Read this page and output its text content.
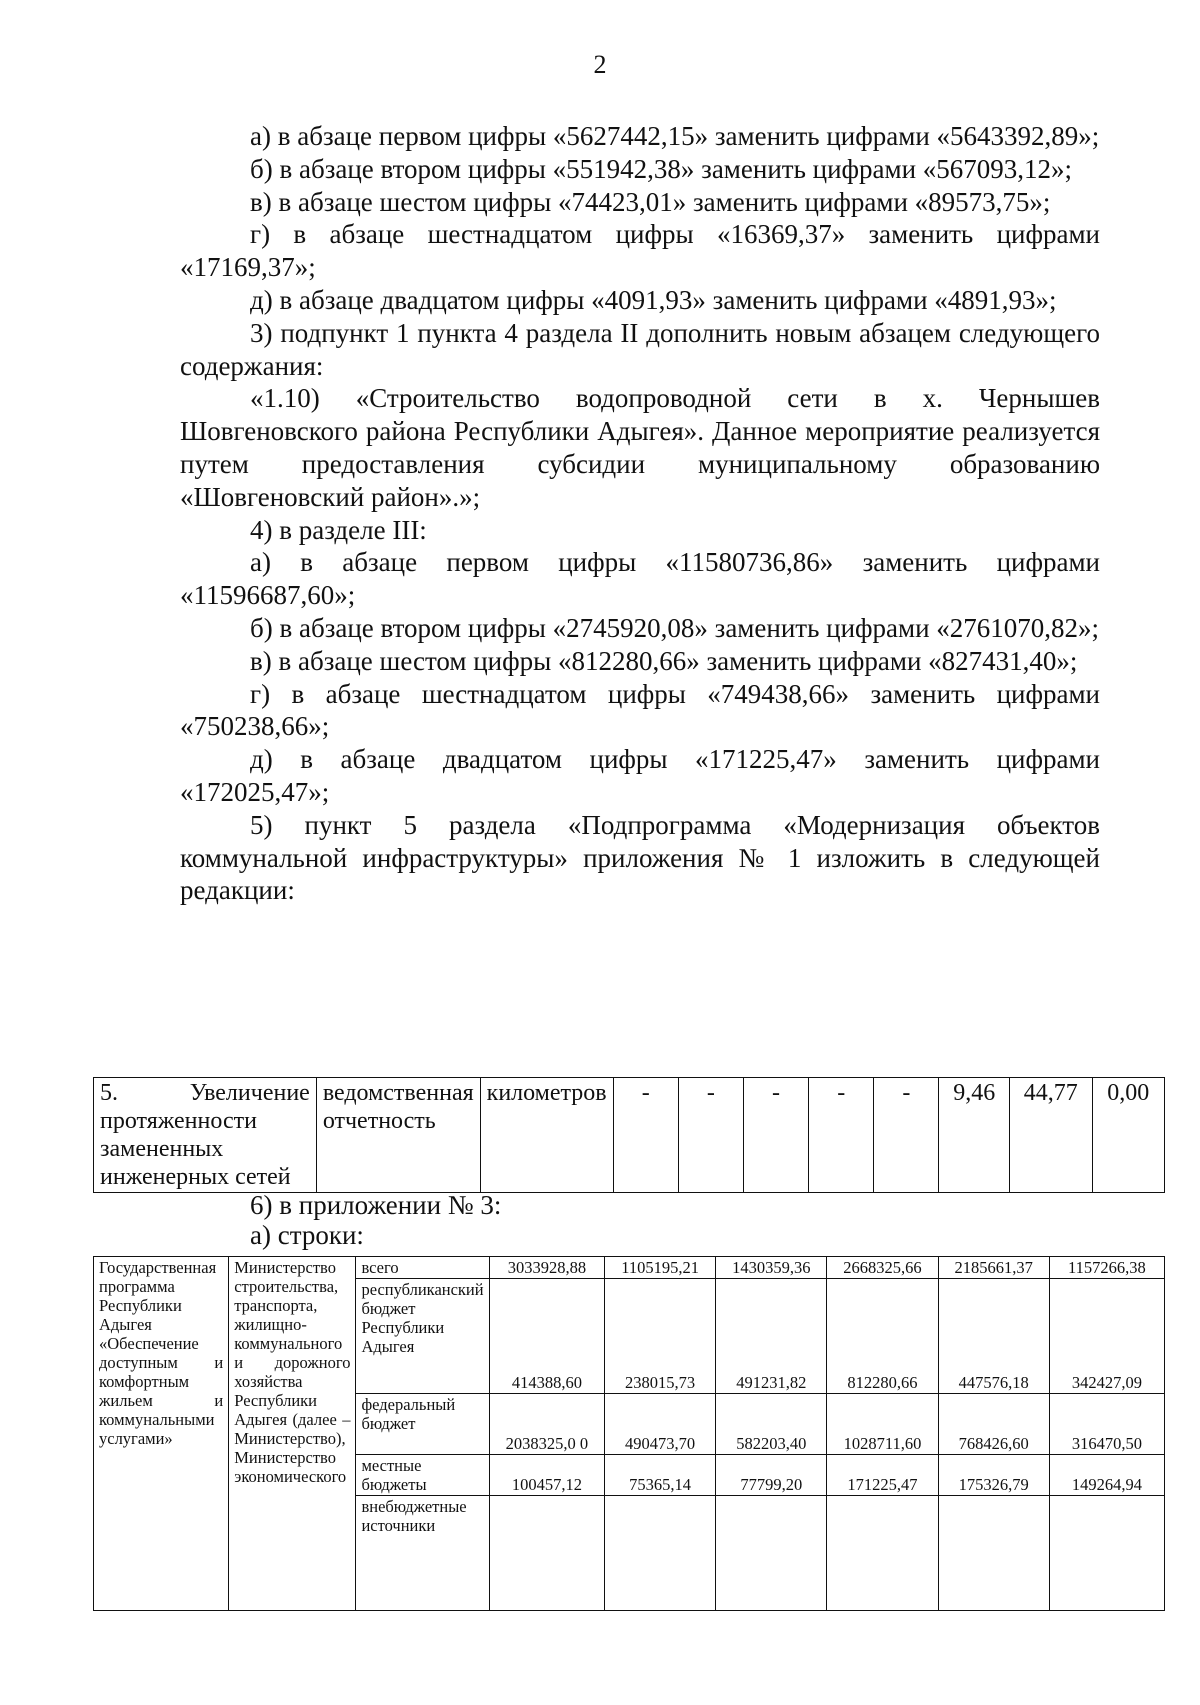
2

а) в абзаце первом цифры «5627442,15» заменить цифрами «5643392,89»;

б) в абзаце втором цифры «551942,38» заменить цифрами «567093,12»;

в) в абзаце шестом цифры «74423,01» заменить цифрами «89573,75»;

г) в абзаце шестнадцатом цифры «16369,37» заменить цифрами «17169,37»;

д) в абзаце двадцатом цифры «4091,93» заменить цифрами «4891,93»;

3) подпункт 1 пункта 4 раздела II дополнить новым абзацем следующего содержания:

«1.10) «Строительство водопроводной сети в х. Чернышев Шовгеновского района Республики Адыгея». Данное мероприятие реализуется путем предоставления субсидии муниципальному образованию «Шовгеновский район».»;

4) в разделе III:

а) в абзаце первом цифры «11580736,86» заменить цифрами «11596687,60»;

б) в абзаце втором цифры «2745920,08» заменить цифрами «2761070,82»;

в) в абзаце шестом цифры «812280,66» заменить цифрами «827431,40»;

г) в абзаце шестнадцатом цифры «749438,66» заменить цифрами «750238,66»;

д) в абзаце двадцатом цифры «171225,47» заменить цифрами «172025,47»;

5) пункт 5 раздела «Подпрограмма «Модернизация объектов коммунальной инфраструктуры» приложения № 1 изложить в следующей редакции:

5. Увеличение протяженности замененных инженерных сетей	ведомственная отчетность	километров	-	-	-	-	-	9,46	44,77	0,00

6) в приложении № 3:

а) строки:

Государственная программа Республики Адыгея «Обеспечение доступным и комфортным жильем и коммунальными услугами»	Министерство строительства, транспорта, жилищно-коммунального и дорожного хозяйства Республики Адыгея (далее – Министерство), Министерство экономического	всего	3033928,88	1105195,21	1430359,36	2668325,66	2185661,37	1157266,38
		республиканский бюджет Республики Адыгея	414388,60	238015,73	491231,82	812280,66	447576,18	342427,09
		федеральный бюджет	2038325,0 0	490473,70	582203,40	1028711,60	768426,60	316470,50
		местные бюджеты	100457,12	75365,14	77799,20	171225,47	175326,79	149264,94
		внебюджетные источники						
